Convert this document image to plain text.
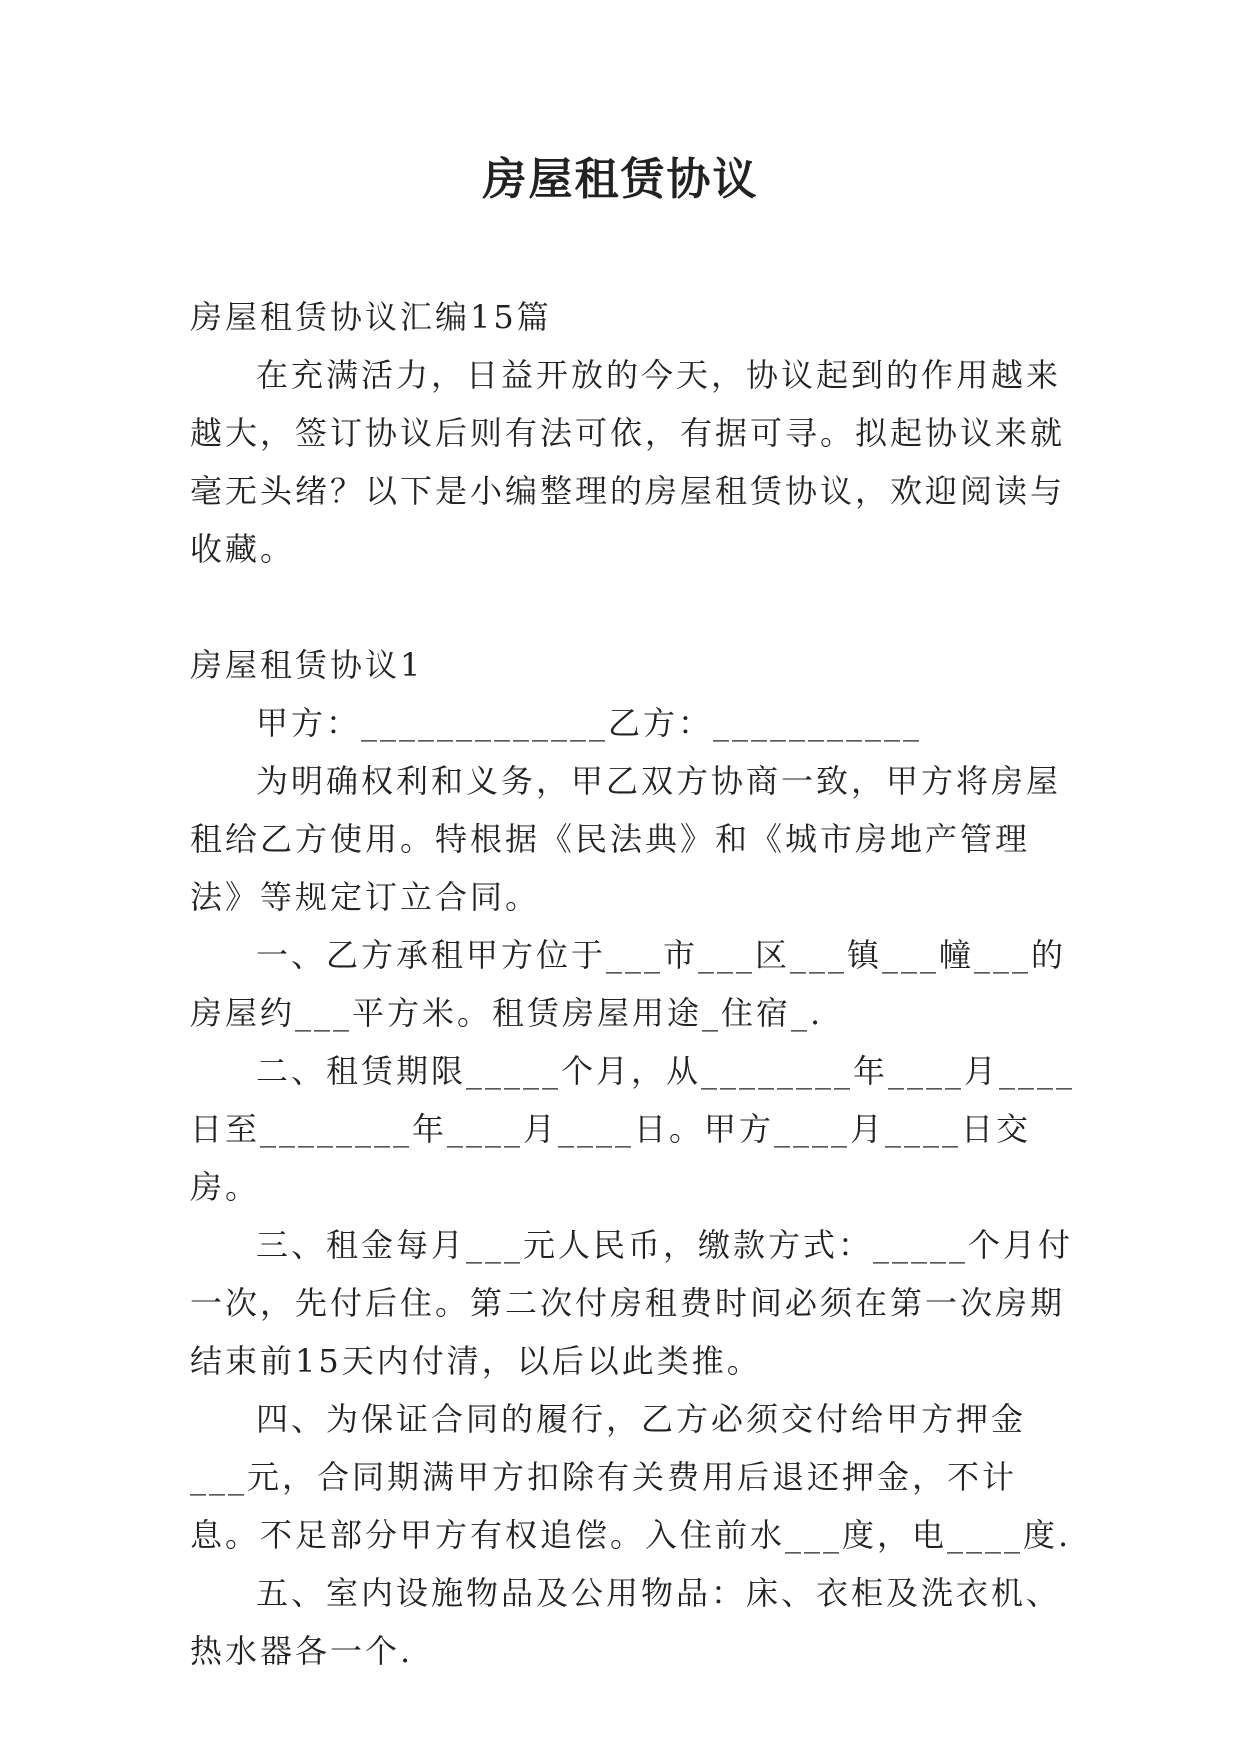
房屋租赁协议

房屋租赁协议汇编15篇

在充满活力，日益开放的今天，协议起到的作用越来越大，签订协议后则有法可依，有据可寻。拟起协议来就毫无头绪？以下是小编整理的房屋租赁协议，欢迎阅读与收藏。

房屋租赁协议1

甲方：_____________乙方：___________

为明确权利和义务，甲乙双方协商一致，甲方将房屋租给乙方使用。特根据《民法典》和《城市房地产管理法》等规定订立合同。

一、乙方承租甲方位于___市___区___镇___幢___的房屋约___平方米。租赁房屋用途_住宿_.

二、租赁期限_____个月，从________年____月____日至________年____月____日。甲方____月____日交房。

三、租金每月___元人民币，缴款方式：_____个月付一次，先付后住。第二次付房租费时间必须在第一次房期结束前15天内付清，以后以此类推。

四、为保证合同的履行，乙方必须交付给甲方押金___元，合同期满甲方扣除有关费用后退还押金，不计息。不足部分甲方有权追偿。入住前水___度，电____度.

五、室内设施物品及公用物品：床、衣柜及洗衣机、热水器各一个.
